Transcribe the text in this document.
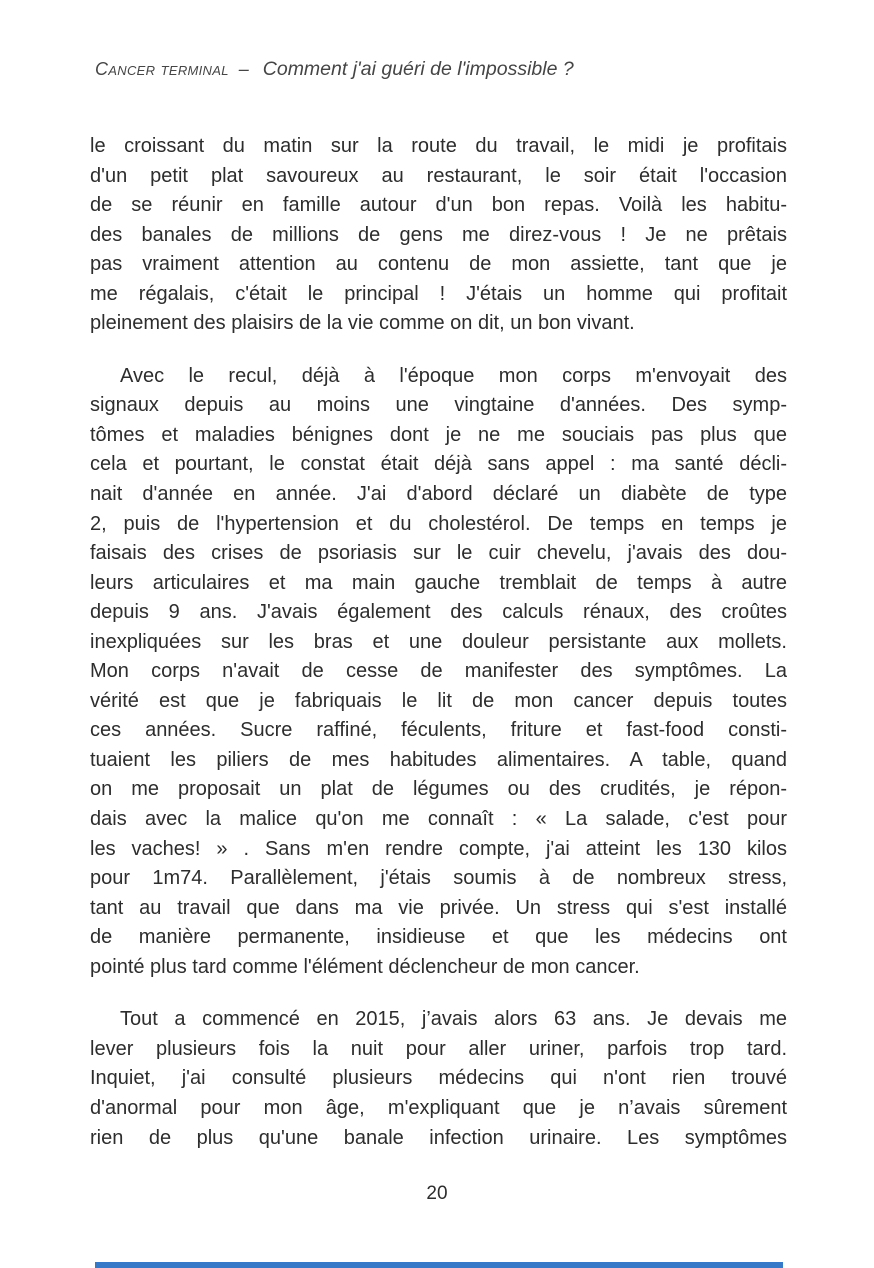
Cancer terminal – Comment j'ai guéri de l'impossible ?
le croissant du matin sur la route du travail, le midi je profitais
d'un petit plat savoureux au restaurant, le soir était l'occasion
de se réunir en famille autour d'un bon repas. Voilà les habitu-
des banales de millions de gens me direz-vous ! Je ne prêtais
pas vraiment attention au contenu de mon assiette, tant que je
me régalais, c'était le principal ! J'étais un homme qui profitait
pleinement des plaisirs de la vie comme on dit, un bon vivant.
Avec le recul, déjà à l'époque mon corps m'envoyait des
signaux depuis au moins une vingtaine d'années. Des symp-
tômes et maladies bénignes dont je ne me souciais pas plus que
cela et pourtant, le constat était déjà sans appel : ma santé décli-
nait d'année en année. J'ai d'abord déclaré un diabète de type
2, puis de l'hypertension et du cholestérol. De temps en temps je
faisais des crises de psoriasis sur le cuir chevelu, j'avais des dou-
leurs articulaires et ma main gauche tremblait de temps à autre
depuis 9 ans. J'avais également des calculs rénaux, des croûtes
inexpliquées sur les bras et une douleur persistante aux mollets.
Mon corps n'avait de cesse de manifester des symptômes. La
vérité est que je fabriquais le lit de mon cancer depuis toutes
ces années. Sucre raffiné, féculents, friture et fast-food consti-
tuaient les piliers de mes habitudes alimentaires. A table, quand
on me proposait un plat de légumes ou des crudités, je répon-
dais avec la malice qu'on me connaît : « La salade, c'est pour
les vaches! » . Sans m'en rendre compte, j'ai atteint les 130 kilos
pour 1m74. Parallèlement, j'étais soumis à de nombreux stress,
tant au travail que dans ma vie privée. Un stress qui s'est installé
de manière permanente, insidieuse et que les médecins ont
pointé plus tard comme l'élément déclencheur de mon cancer.
Tout a commencé en 2015, j’avais alors 63 ans. Je devais me
lever plusieurs fois la nuit pour aller uriner, parfois trop tard.
Inquiet, j'ai consulté plusieurs médecins qui n'ont rien trouvé
d'anormal pour mon âge, m'expliquant que je n’avais sûrement
rien de plus qu'une banale infection urinaire. Les symptômes
20
